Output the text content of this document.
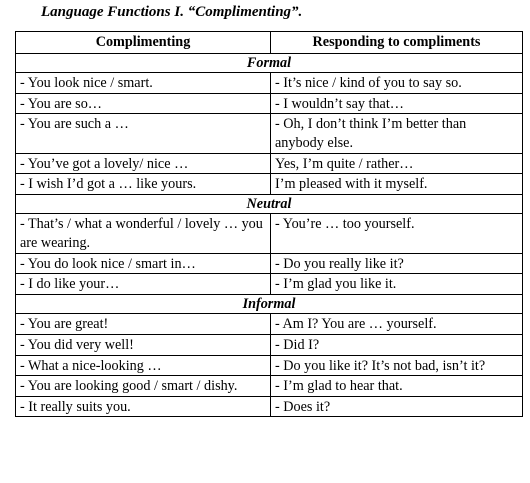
Language Functions I. “Complimenting”.
Complimenting	Responding to compliments
Formal	
- You look nice / smart.	- It’s nice / kind of you to say so.
- You are so…	- I wouldn’t say that…
- You are such a …	- Oh, I don’t think I’m better than anybody else.
- You’ve got a lovely/ nice …	Yes, I’m quite / rather…
- I wish I’d got a … like yours.	I’m pleased with it myself.
Neutral	
- That’s / what a wonderful / lovely … you are wearing.	- You’re … too yourself.
- You do look nice / smart in…	- Do you really like it?
- I do like your…	- I’m glad you like it.
Informal	
- You are great!	- Am I? You are … yourself.
- You did very well!	- Did I?
- What a nice-looking …	- Do you like it? It’s not bad, isn’t it?
- You are looking good / smart / dishy.	- I’m glad to hear that.
- It really suits you.	- Does it?
